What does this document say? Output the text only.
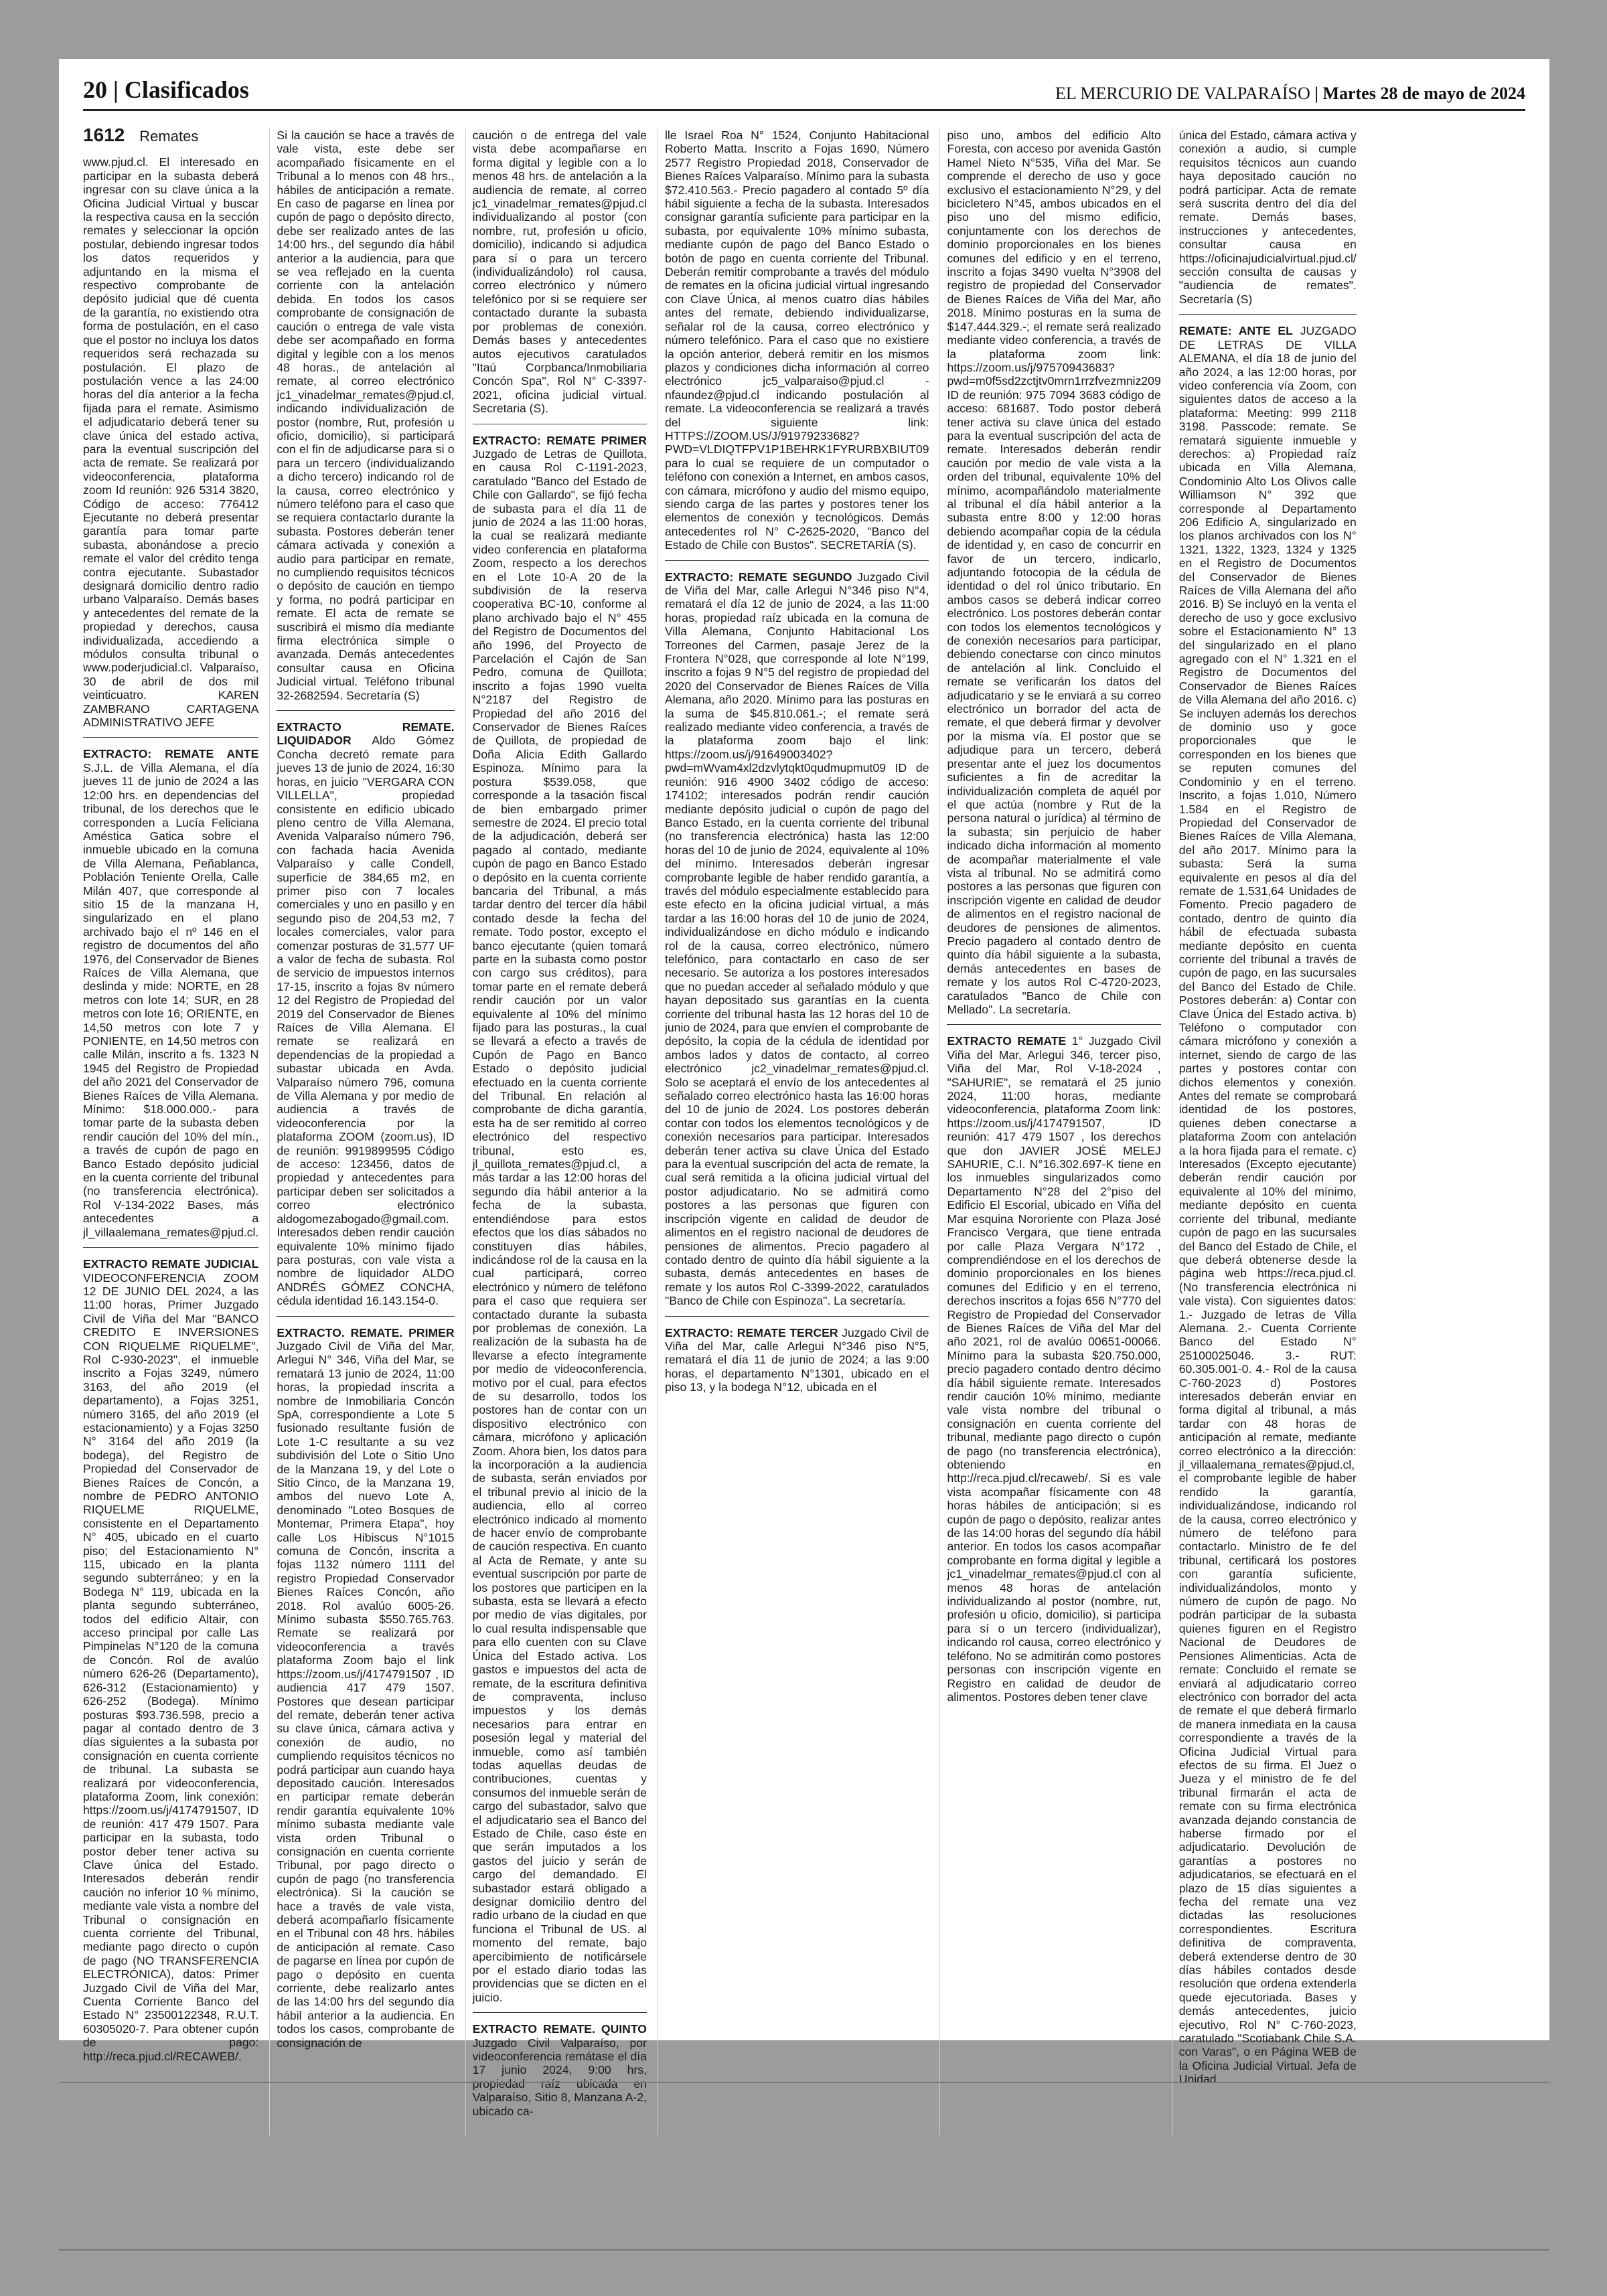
20 | Clasificados	EL MERCURIO DE VALPARAÍSO | Martes 28 de mayo de 2024
1612 Remates
www.pjud.cl. El interesado en participar en la subasta deberá ingresar con su clave única a la Oficina Judicial Virtual y buscar la respectiva causa en la sección remates y seleccionar la opción postular, debiendo ingresar todos los datos requeridos y adjuntando en la misma el respectivo comprobante de depósito judicial que dé cuenta de la garantía, no existiendo otra forma de postulación, en el caso que el postor no incluya los datos requeridos será rechazada su postulación. El plazo de postulación vence a las 24:00 horas del día anterior a la fecha fijada para el remate. Asimismo el adjudicatario deberá tener su clave única del estado activa, para la eventual suscripción del acta de remate. Se realizará por videoconferencia, plataforma zoom Id reunión: 926 5314 3820, Código de acceso: 776412 Ejecutante no deberá presentar garantía para tomar parte subasta, abonándose a precio remate el valor del crédito tenga contra ejecutante. Subastador designará domicilio dentro radio urbano Valparaíso. Demás bases y antecedentes del remate de la propiedad y derechos, causa individualizada, accediendo a módulos consulta tribunal o www.poderjudicial.cl. Valparaíso, 30 de abril de dos mil veinticuatro. KAREN ZAMBRANO CARTAGENA ADMINISTRATIVO JEFE
EXTRACTO: REMATE ANTE S.J.L. de Villa Alemana, el día jueves 11 de junio de 2024 a las 12:00 hrs. en dependencias del tribunal, de los derechos que le corresponden a Lucía Feliciana Améstica Gatica sobre el inmueble ubicado en la comuna de Villa Alemana, Peñablanca, Población Teniente Orella, Calle Milán 407, que corresponde al sitio 15 de la manzana H, singularizado en el plano archivado bajo el nº 146 en el registro de documentos del año 1976, del Conservador de Bienes Raíces de Villa Alemana, que deslinda y mide: NORTE, en 28 metros con lote 14; SUR, en 28 metros con lote 16; ORIENTE, en 14,50 metros con lote 7 y PONIENTE, en 14,50 metros con calle Milán, inscrito a fs. 1323 N 1945 del Registro de Propiedad del año 2021 del Conservador de Bienes Raíces de Villa Alemana. Mínimo: $18.000.000.- para tomar parte de la subasta deben rendir caución del 10% del mín., a través de cupón de pago en Banco Estado depósito judicial en la cuenta corriente del tribunal (no transferencia electrónica). Rol V-134-2022 Bases, más antecedentes a jl_villaalemana_remates@pjud.cl.
EXTRACTO REMATE JUDICIAL VIDEOCONFERENCIA ZOOM 12 DE JUNIO DEL 2024, a las 11:00 horas, Primer Juzgado Civil de Viña del Mar "BANCO CREDITO E INVERSIONES CON RIQUELME RIQUELME", Rol C-930-2023", el inmueble inscrito a Fojas 3249, número 3163, del año 2019 (el departamento), a Fojas 3251, número 3165, del año 2019 (el estacionamiento) y a Fojas 3250 N° 3164 del año 2019 (la bodega), del Registro de Propiedad del Conservador de Bienes Raíces de Concón, a nombre de PEDRO ANTONIO RIQUELME RIQUELME, consistente en el Departamento N° 405, ubicado en el cuarto piso; del Estacionamiento N° 115, ubicado en la planta segundo subterráneo; y en la Bodega N° 119, ubicada en la planta segundo subterráneo, todos del edificio Altair, con acceso principal por calle Las Pimpinelas N°120 de la comuna de Concón. Rol de avalúo número 626-26 (Departamento), 626-312 (Estacionamiento) y 626-252 (Bodega). Mínimo posturas $93.736.598, precio a pagar al contado dentro de 3 días siguientes a la subasta por consignación en cuenta corriente de tribunal. La subasta se realizará por videoconferencia, plataforma Zoom, link conexión: https://zoom.us/j/4174791507, ID de reunión: 417 479 1507. Para participar en la subasta, todo postor deber tener activa su Clave única del Estado. Interesados deberán rendir caución no inferior 10 % mínimo, mediante vale vista a nombre del Tribunal o consignación en cuenta corriente del Tribunal, mediante pago directo o cupón de pago (NO TRANSFERENCIA ELECTRÓNICA), datos: Primer Juzgado Civil de Viña del Mar, Cuenta Corriente Banco del Estado N° 23500122348, R.U.T. 60305020-7. Para obtener cupón de pago: http://reca.pjud.cl/RECAWEB/.
Si la caución se hace a través de vale vista, este debe ser acompañado físicamente en el Tribunal a lo menos con 48 hrs., hábiles de anticipación a remate. En caso de pagarse en línea por cupón de pago o depósito directo, debe ser realizado antes de las 14:00 hrs., del segundo día hábil anterior a la audiencia, para que se vea reflejado en la cuenta corriente con la antelación debida. En todos los casos comprobante de consignación de caución o entrega de vale vista debe ser acompañado en forma digital y legible con a los menos 48 horas., de antelación al remate, al correo electrónico jc1_vinadelmar_remates@pjud.cl, indicando individualización de postor (nombre, Rut, profesión u oficio, domicilio), si participará con el fin de adjudicarse para si o para un tercero (individualizando a dicho tercero) indicando rol de la causa, correo electrónico y número teléfono para el caso que se requiera contactarlo durante la subasta. Postores deberán tener cámara activada y conexión a audio para participar en remate, no cumpliendo requisitos técnicos o depósito de caución en tiempo y forma, no podrá participar en remate. El acta de remate se suscribirá el mismo día mediante firma electrónica simple o avanzada. Demás antecedentes consultar causa en Oficina Judicial virtual. Teléfono tribunal 32-2682594. Secretaría (S)
EXTRACTO REMATE. LIQUIDADOR Aldo Gómez Concha decretó remate para jueves 13 de junio de 2024, 16:30 horas, en juicio "VERGARA CON VILLELLA", propiedad consistente en edificio ubicado pleno centro de Villa Alemana, Avenida Valparaíso número 796, con fachada hacia Avenida Valparaíso y calle Condell, superficie de 384,65 m2, en primer piso con 7 locales comerciales y uno en pasillo y en segundo piso de 204,53 m2, 7 locales comerciales, valor para comenzar posturas de 31.577 UF a valor de fecha de subasta. Rol de servicio de impuestos internos 17-15, inscrito a fojas 8v número 12 del Registro de Propiedad del 2019 del Conservador de Bienes Raíces de Villa Alemana. El remate se realizará en dependencias de la propiedad a subastar ubicada en Avda. Valparaíso número 796, comuna de Villa Alemana y por medio de audiencia a través de videoconferencia por la plataforma ZOOM (zoom.us), ID de reunión: 9919899595 Código de acceso: 123456, datos de propiedad y antecedentes para participar deben ser solicitados a correo electrónico aldogomezabogado@gmail.com. Interesados deben rendir caución equivalente 10% mínimo fijado para posturas, con vale vista a nombre de liquidador ALDO ANDRÉS GÓMEZ CONCHA, cédula identidad 16.143.154-0.
EXTRACTO. REMATE. PRIMER Juzgado Civil de Viña del Mar, Arlegui N° 346, Viña del Mar, se rematará 13 junio de 2024, 11:00 horas, la propiedad inscrita a nombre de Inmobiliaria Concón SpA, correspondiente a Lote 5 fusionado resultante fusión de Lote 1-C resultante a su vez subdivisión del Lote o Sitio Uno de la Manzana 19, y del Lote o Sitio Cinco, de la Manzana 19, ambos del nuevo Lote A, denominado "Loteo Bosques de Montemar, Primera Etapa", hoy calle Los Hibiscus N°1015 comuna de Concón, inscrita a fojas 1132 número 1111 del registro Propiedad Conservador Bienes Raíces Concón, año 2018. Rol avalúo 6005-26. Mínimo subasta $550.765.763. Remate se realizará por videoconferencia a través plataforma Zoom bajo el link https://zoom.us/j/4174791507 , ID audiencia 417 479 1507. Postores que desean participar del remate, deberán tener activa su clave única, cámara activa y conexión de audio, no cumpliendo requisitos técnicos no podrá participar aun cuando haya depositado caución. Interesados en participar remate deberán rendir garantía equivalente 10% mínimo subasta mediante vale vista orden Tribunal o consignación en cuenta corriente Tribunal, por pago directo o cupón de pago (no transferencia electrónica). Si la caución se hace a través de vale vista, deberá acompañarlo físicamente en el Tribunal con 48 hrs. hábiles de anticipación al remate. Caso de pagarse en línea por cupón de pago o depósito en cuenta corriente, debe realizarlo antes de las 14:00 hrs del segundo día hábil anterior a la audiencia. En todos los casos, comprobante de consignación de
caución o de entrega del vale vista debe acompañarse en forma digital y legible con a lo menos 48 hrs. de antelación a la audiencia de remate, al correo jc1_vinadelmar_remates@pjud.cl individualizando al postor (con nombre, rut, profesión u oficio, domicilio), indicando si adjudica para sí o para un tercero (individualizándolo) rol causa, correo electrónico y número telefónico por si se requiere ser contactado durante la subasta por problemas de conexión. Demás bases y antecedentes autos ejecutivos caratulados "Itaú Corpbanca/Inmobiliaria Concón Spa", Rol N° C-3397-2021, oficina judicial virtual. Secretaria (S).
EXTRACTO: REMATE PRIMER Juzgado de Letras de Quillota, en causa Rol C-1191-2023, caratulado "Banco del Estado de Chile con Gallardo", se fijó fecha de subasta para el día 11 de junio de 2024 a las 11:00 horas, la cual se realizará mediante video conferencia en plataforma Zoom, respecto a los derechos en el Lote 10-A 20 de la subdivisión de la reserva cooperativa BC-10, conforme al plano archivado bajo el N° 455 del Registro de Documentos del año 1996, del Proyecto de Parcelación el Cajón de San Pedro, comuna de Quillota; inscrito a fojas 1990 vuelta N°2187 del Registro de Propiedad del año 2016 del Conservador de Bienes Raíces de Quillota, de propiedad de Doña Alicia Edith Gallardo Espinoza. Mínimo para la postura $539.058, que corresponde a la tasación fiscal de bien embargado primer semestre de 2024. El precio total de la adjudicación, deberá ser pagado al contado, mediante cupón de pago en Banco Estado o depósito en la cuenta corriente bancaria del Tribunal, a más tardar dentro del tercer día hábil contado desde la fecha del remate. Todo postor, excepto el banco ejecutante (quien tomará parte en la subasta como postor con cargo sus créditos), para tomar parte en el remate deberá rendir caución por un valor equivalente al 10% del mínimo fijado para las posturas., la cual se llevará a efecto a través de Cupón de Pago en Banco Estado o depósito judicial efectuado en la cuenta corriente del Tribunal. En relación al comprobante de dicha garantía, esta ha de ser remitido al correo electrónico del respectivo tribunal, esto es, jl_quillota_remates@pjud.cl, a más tardar a las 12:00 horas del segundo día hábil anterior a la fecha de la subasta, entendiéndose para estos efectos que los días sábados no constituyen días hábiles, indicándose rol de la causa en la cual participará, correo electrónico y número de teléfono para el caso que requiera ser contactado durante la subasta por problemas de conexión. La realización de la subasta ha de llevarse a efecto íntegramente por medio de videoconferencia, motivo por el cual, para efectos de su desarrollo, todos los postores han de contar con un dispositivo electrónico con cámara, micrófono y aplicación Zoom. Ahora bien, los datos para la incorporación a la audiencia de subasta, serán enviados por el tribunal previo al inicio de la audiencia, ello al correo electrónico indicado al momento de hacer envío de comprobante de caución respectiva. En cuanto al Acta de Remate, y ante su eventual suscripción por parte de los postores que participen en la subasta, esta se llevará a efecto por medio de vías digitales, por lo cual resulta indispensable que para ello cuenten con su Clave Única del Estado activa. Los gastos e impuestos del acta de remate, de la escritura definitiva de compraventa, incluso impuestos y los demás necesarios para entrar en posesión legal y material del inmueble, como así también todas aquellas deudas de contribuciones, cuentas y consumos del inmueble serán de cargo del subastador, salvo que el adjudicatario sea el Banco del Estado de Chile, caso éste en que serán imputados a los gastos del juicio y serán de cargo del demandado. El subastador estará obligado a designar domicilio dentro del radio urbano de la ciudad en que funciona el Tribunal de US. al momento del remate, bajo apercibimiento de notificársele por el estado diario todas las providencias que se dicten en el juicio.
EXTRACTO REMATE. QUINTO Juzgado Civil Valparaíso, por videoconferencia remátase el día 17 junio 2024, 9:00 hrs, propiedad raíz ubicada en Valparaíso, Sitio 8, Manzana A-2, ubicado ca-
lle Israel Roa N° 1524, Conjunto Habitacional Roberto Matta. Inscrito a Fojas 1690, Número 2577 Registro Propiedad 2018, Conservador de Bienes Raíces Valparaíso. Mínimo para la subasta $72.410.563.- Precio pagadero al contado 5º día hábil siguiente a fecha de la subasta. Interesados consignar garantía suficiente para participar en la subasta, por equivalente 10% mínimo subasta, mediante cupón de pago del Banco Estado o botón de pago en cuenta corriente del Tribunal. Deberán remitir comprobante a través del módulo de remates en la oficina judicial virtual ingresando con Clave Única, al menos cuatro días hábiles antes del remate, debiendo individualizarse, señalar rol de la causa, correo electrónico y número telefónico. Para el caso que no existiere la opción anterior, deberá remitir en los mismos plazos y condiciones dicha información al correo electrónico jc5_valparaiso@pjud.cl - nfaundez@pjud.cl indicando postulación al remate. La videoconferencia se realizará a través del siguiente link: HTTPS://ZOOM.US/J/91979233682?PWD=VLDIQTFPV1P1BEHRK1FYRURBXBIUT09 para lo cual se requiere de un computador o teléfono con conexión a Internet, en ambos casos, con cámara, micrófono y audio del mismo equipo, siendo carga de las partes y postores tener los elementos de conexión y tecnológicos. Demás antecedentes rol N° C-2625-2020, "Banco del Estado de Chile con Bustos". SECRETARÍA (S).
EXTRACTO: REMATE SEGUNDO Juzgado Civil de Viña del Mar, calle Arlegui N°346 piso N°4, rematará el día 12 de junio de 2024, a las 11:00 horas, propiedad raíz ubicada en la comuna de Villa Alemana, Conjunto Habitacional Los Torreones del Carmen, pasaje Jerez de la Frontera N°028, que corresponde al lote N°199, inscrito a fojas 9 N°5 del registro de propiedad del 2020 del Conservador de Bienes Raíces de Villa Alemana, año 2020. Mínimo para las posturas en la suma de $45.810.061.-; el remate será realizado mediante video conferencia, a través de la plataforma zoom bajo el link: https://zoom.us/j/91649003402?pwd=mWvam4xl2dzvlytqkt0qudmupmut09 ID de reunión: 916 4900 3402 código de acceso: 174102; interesados podrán rendir caución mediante depósito judicial o cupón de pago del Banco Estado, en la cuenta corriente del tribunal (no transferencia electrónica) hasta las 12:00 horas del 10 de junio de 2024, equivalente al 10% del mínimo. Interesados deberán ingresar comprobante legible de haber rendido garantía, a través del módulo especialmente establecido para este efecto en la oficina judicial virtual, a más tardar a las 16:00 horas del 10 de junio de 2024, individualizándose en dicho módulo e indicando rol de la causa, correo electrónico, número telefónico, para contactarlo en caso de ser necesario. Se autoriza a los postores interesados que no puedan acceder al señalado módulo y que hayan depositado sus garantías en la cuenta corriente del tribunal hasta las 12 horas del 10 de junio de 2024, para que envíen el comprobante de depósito, la copia de la cédula de identidad por ambos lados y datos de contacto, al correo electrónico jc2_vinadelmar_remates@pjud.cl. Solo se aceptará el envío de los antecedentes al señalado correo electrónico hasta las 16:00 horas del 10 de junio de 2024. Los postores deberán contar con todos los elementos tecnológicos y de conexión necesarios para participar. Interesados deberán tener activa su clave Única del Estado para la eventual suscripción del acta de remate, la cual será remitida a la oficina judicial virtual del postor adjudicatario. No se admitirá como postores a las personas que figuren con inscripción vigente en calidad de deudor de alimentos en el registro nacional de deudores de pensiones de alimentos. Precio pagadero al contado dentro de quinto día hábil siguiente a la subasta, demás antecedentes en bases de remate y los autos Rol C-3399-2022, caratulados "Banco de Chile con Espinoza". La secretaría.
EXTRACTO: REMATE TERCER Juzgado Civil de Viña del Mar, calle Arlegui N°346 piso N°5, rematará el día 11 de junio de 2024; a las 9:00 horas, el departamento N°1301, ubicado en el piso 13, y la bodega N°12, ubicada en el
piso uno, ambos del edificio Alto Foresta, con acceso por avenida Gastón Hamel Nieto N°535, Viña del Mar. Se comprende el derecho de uso y goce exclusivo el estacionamiento N°29, y del bicicletero N°45, ambos ubicados en el piso uno del mismo edificio, conjuntamente con los derechos de dominio proporcionales en los bienes comunes del edificio y en el terreno, inscrito a fojas 3490 vuelta N°3908 del registro de propiedad del Conservador de Bienes Raíces de Viña del Mar, año 2018. Mínimo posturas en la suma de $147.444.329.-; el remate será realizado mediante video conferencia, a través de la plataforma zoom link: https://zoom.us/j/97570943683?pwd=m0f5sd2zctjtv0mrn1rrzfvezmniz209 ID de reunión: 975 7094 3683 código de acceso: 681687. Todo postor deberá tener activa su clave única del estado para la eventual suscripción del acta de remate. Interesados deberán rendir caución por medio de vale vista a la orden del tribunal, equivalente 10% del mínimo, acompañándolo materialmente al tribunal el día hábil anterior a la subasta entre 8:00 y 12:00 horas debiendo acompañar copia de la cédula de identidad y, en caso de concurrir en favor de un tercero, indicarlo, adjuntando fotocopia de la cédula de identidad o del rol único tributario. En ambos casos se deberá indicar correo electrónico. Los postores deberán contar con todos los elementos tecnológicos y de conexión necesarios para participar, debiendo conectarse con cinco minutos de antelación al link. Concluido el remate se verificarán los datos del adjudicatario y se le enviará a su correo electrónico un borrador del acta de remate, el que deberá firmar y devolver por la misma vía. El postor que se adjudique para un tercero, deberá presentar ante el juez los documentos suficientes a fin de acreditar la individualización completa de aquél por el que actúa (nombre y Rut de la persona natural o jurídica) al término de la subasta; sin perjuicio de haber indicado dicha información al momento de acompañar materialmente el vale vista al tribunal. No se admitirá como postores a las personas que figuren con inscripción vigente en calidad de deudor de alimentos en el registro nacional de deudores de pensiones de alimentos. Precio pagadero al contado dentro de quinto día hábil siguiente a la subasta, demás antecedentes en bases de remate y los autos Rol C-4720-2023, caratulados "Banco de Chile con Mellado". La secretaría.
EXTRACTO REMATE 1° Juzgado Civil Viña del Mar, Arlegui 346, tercer piso, Viña del Mar, Rol V-18-2024 , "SAHURIE", se rematará el 25 junio 2024, 11:00 horas, mediante videoconferencia, plataforma Zoom link: https://zoom.us/j/4174791507, ID reunión: 417 479 1507 , los derechos que don JAVIER JOSÉ MELEJ SAHURIE, C.I. N°16.302.697-K tiene en los inmuebles singularizados como Departamento N°28 del 2°piso del Edificio El Escorial, ubicado en Viña del Mar esquina Nororiente con Plaza José Francisco Vergara, que tiene entrada por calle Plaza Vergara N°172 , comprendiéndose en el los derechos de dominio proporcionales en los bienes comunes del Edificio y en el terreno, derechos inscritos a fojas 656 N°770 del Registro de Propiedad del Conservador de Bienes Raíces de Viña del Mar del año 2021, rol de avalúo 00651-00066. Mínimo para la subasta $20.750.000, precio pagadero contado dentro décimo día hábil siguiente remate. Interesados rendir caución 10% mínimo, mediante vale vista nombre del tribunal o consignación en cuenta corriente del tribunal, mediante pago directo o cupón de pago (no transferencia electrónica), obteniendo en http://reca.pjud.cl/recaweb/. Si es vale vista acompañar físicamente con 48 horas hábiles de anticipación; si es cupón de pago o depósito, realizar antes de las 14:00 horas del segundo día hábil anterior. En todos los casos acompañar comprobante en forma digital y legible a jc1_vinadelmar_remates@pjud.cl con al menos 48 horas de antelación individualizando al postor (nombre, rut, profesión u oficio, domicilio), si participa para sí o un tercero (individualizar), indicando rol causa, correo electrónico y teléfono. No se admitirán como postores personas con inscripción vigente en Registro en calidad de deudor de alimentos. Postores deben tener clave
única del Estado, cámara activa y conexión a audio, si cumple requisitos técnicos aun cuando haya depositado caución no podrá participar. Acta de remate será suscrita dentro del día del remate. Demás bases, instrucciones y antecedentes, consultar causa en https://oficinajudicialvirtual.pjud.cl/ sección consulta de causas y "audiencia de remates". Secretaría (S)
REMATE: ANTE EL JUZGADO DE LETRAS DE VILLA ALEMANA, el día 18 de junio del año 2024, a las 12:00 horas, por video conferencia vía Zoom, con siguientes datos de acceso a la plataforma: Meeting: 999 2118 3198. Passcode: remate. Se rematará siguiente inmueble y derechos: a) Propiedad raíz ubicada en Villa Alemana, Condominio Alto Los Olivos calle Williamson N° 392 que corresponde al Departamento 206 Edificio A, singularizado en los planos archivados con los N° 1321, 1322, 1323, 1324 y 1325 en el Registro de Documentos del Conservador de Bienes Raíces de Villa Alemana del año 2016. B) Se incluyó en la venta el derecho de uso y goce exclusivo sobre el Estacionamiento N° 13 del singularizado en el plano agregado con el N° 1.321 en el Registro de Documentos del Conservador de Bienes Raíces de Villa Alemana del año 2016. c) Se incluyen además los derechos de dominio uso y goce proporcionales que le corresponden en los bienes que se reputen comunes del Condominio y en el terreno. Inscrito, a fojas 1.010, Número 1.584 en el Registro de Propiedad del Conservador de Bienes Raíces de Villa Alemana, del año 2017. Mínimo para la subasta: Será la suma equivalente en pesos al día del remate de 1.531,64 Unidades de Fomento. Precio pagadero de contado, dentro de quinto día hábil de efectuada subasta mediante depósito en cuenta corriente del tribunal a través de cupón de pago, en las sucursales del Banco del Estado de Chile. Postores deberán: a) Contar con Clave Única del Estado activa. b) Teléfono o computador con cámara micrófono y conexión a internet, siendo de cargo de las partes y postores contar con dichos elementos y conexión. Antes del remate se comprobará identidad de los postores, quienes deben conectarse a plataforma Zoom con antelación a la hora fijada para el remate. c) Interesados (Excepto ejecutante) deberán rendir caución por equivalente al 10% del mínimo, mediante depósito en cuenta corriente del tribunal, mediante cupón de pago en las sucursales del Banco del Estado de Chile, el que deberá obtenerse desde la página web https://reca.pjud.cl. (No transferencia electrónica ni vale vista). Con siguientes datos: 1.- Juzgado de letras de Villa Alemana. 2.- Cuenta Corriente Banco del Estado N° 25100025046. 3.- RUT: 60.305.001-0. 4.- Rol de la causa C-760-2023 d) Postores interesados deberán enviar en forma digital al tribunal, a más tardar con 48 horas de anticipación al remate, mediante correo electrónico a la dirección: jl_villaalemana_remates@pjud.cl, el comprobante legible de haber rendido la garantía, individualizándose, indicando rol de la causa, correo electrónico y número de teléfono para contactarlo. Ministro de fe del tribunal, certificará los postores con garantía suficiente, individualizándolos, monto y número de cupón de pago. No podrán participar de la subasta quienes figuren en el Registro Nacional de Deudores de Pensiones Alimenticias. Acta de remate: Concluido el remate se enviará al adjudicatario correo electrónico con borrador del acta de remate el que deberá firmarlo de manera inmediata en la causa correspondiente a través de la Oficina Judicial Virtual para efectos de su firma. El Juez o Jueza y el ministro de fe del tribunal firmarán el acta de remate con su firma electrónica avanzada dejando constancia de haberse firmado por el adjudicatario. Devolución de garantías a postores no adjudicatarios, se efectuará en el plazo de 15 días siguientes a fecha del remate una vez dictadas las resoluciones correspondientes. Escritura definitiva de compraventa, deberá extenderse dentro de 30 días hábiles contados desde resolución que ordena extenderla quede ejecutoriada. Bases y demás antecedentes, juicio ejecutivo, Rol N° C-760-2023, caratulado "Scotiabank Chile S.A. con Varas", o en Página WEB de la Oficina Judicial Virtual. Jefa de Unidad
